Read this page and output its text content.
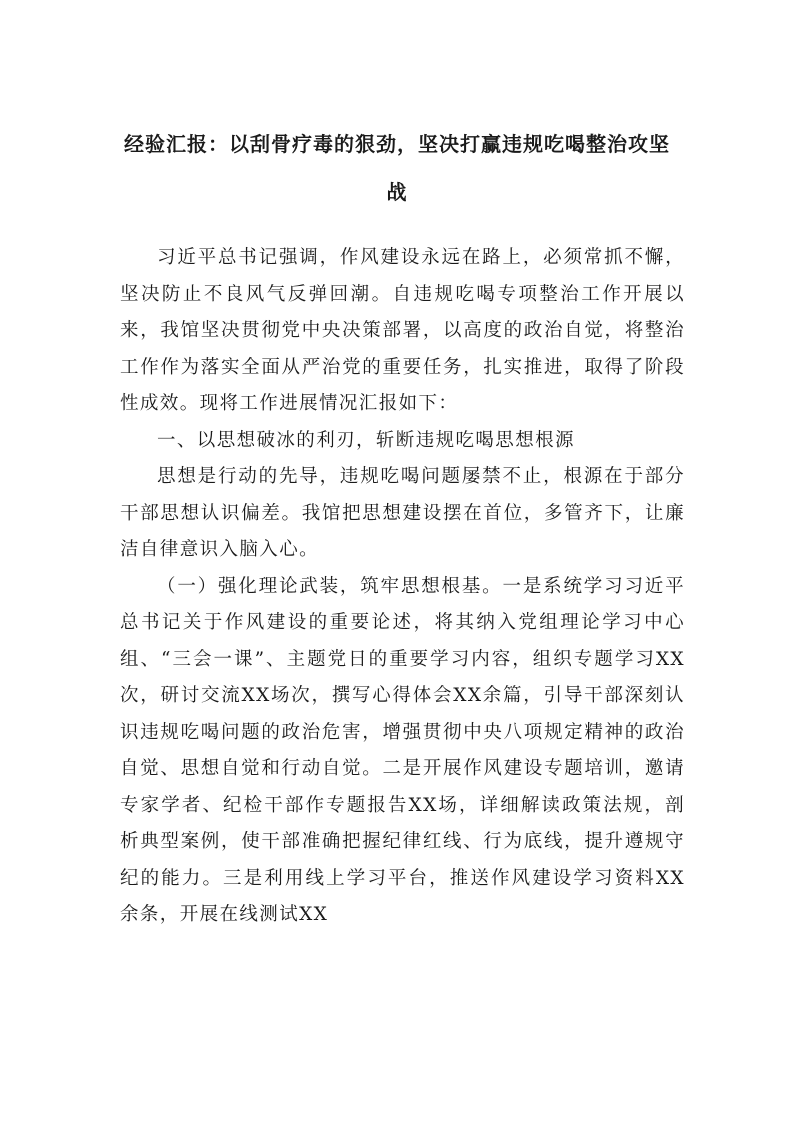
经验汇报：以刮骨疗毒的狠劲，坚决打赢违规吃喝整治攻坚
战

习近平总书记强调，作风建设永远在路上，必须常抓不懈，坚决防止不良风气反弹回潮。自违规吃喝专项整治工作开展以来，我馆坚决贯彻党中央决策部署，以高度的政治自觉，将整治工作作为落实全面从严治党的重要任务，扎实推进，取得了阶段性成效。现将工作进展情况汇报如下：

一、以思想破冰的利刃，斩断违规吃喝思想根源

思想是行动的先导，违规吃喝问题屡禁不止，根源在于部分干部思想认识偏差。我馆把思想建设摆在首位，多管齐下，让廉洁自律意识入脑入心。

（一）强化理论武装，筑牢思想根基。一是系统学习习近平总书记关于作风建设的重要论述，将其纳入党组理论学习中心组、“三会一课”、主题党日的重要学习内容，组织专题学习XX次，研讨交流XX场次，撰写心得体会XX余篇，引导干部深刻认识违规吃喝问题的政治危害，增强贯彻中央八项规定精神的政治自觉、思想自觉和行动自觉。二是开展作风建设专题培训，邀请专家学者、纪检干部作专题报告XX场，详细解读政策法规，剖析典型案例，使干部准确把握纪律红线、行为底线，提升遵规守纪的能力。三是利用线上学习平台，推送作风建设学习资料XX余条，开展在线测试XX
